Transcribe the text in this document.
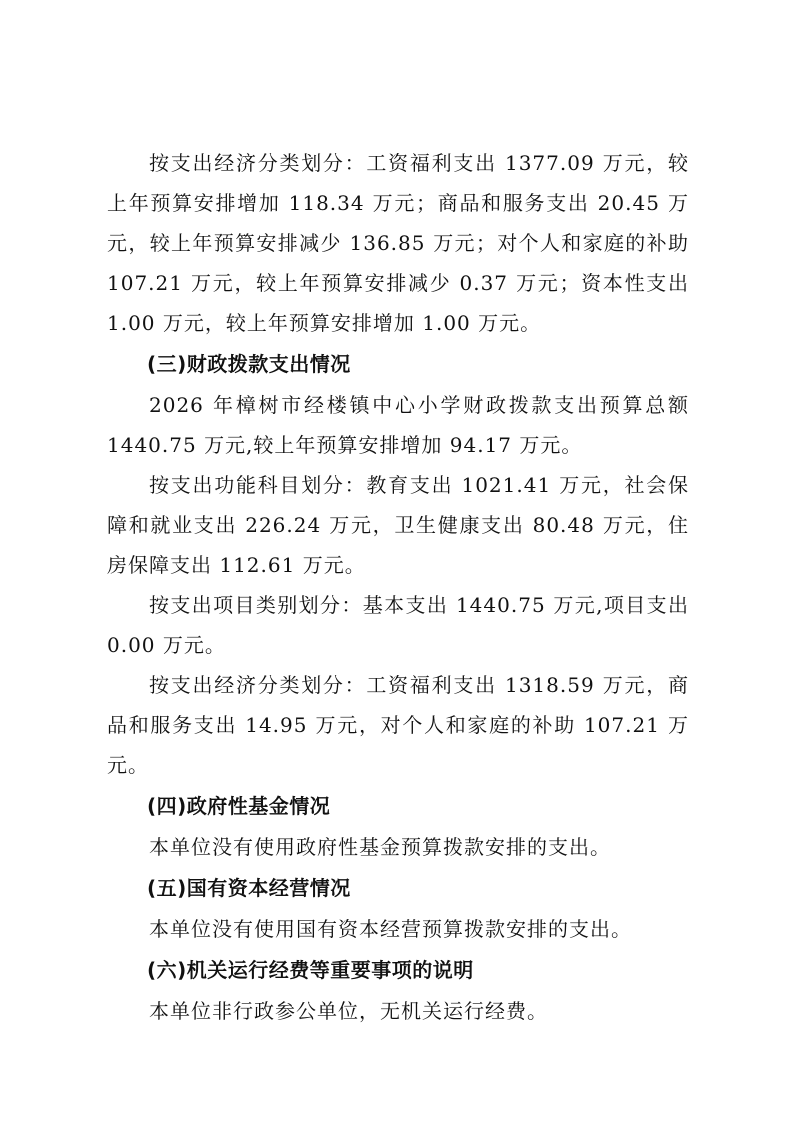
按支出经济分类划分：工资福利支出 1377.09 万元，较上年预算安排增加 118.34 万元；商品和服务支出 20.45 万元，较上年预算安排减少 136.85 万元；对个人和家庭的补助 107.21 万元，较上年预算安排减少 0.37 万元；资本性支出 1.00 万元，较上年预算安排增加 1.00 万元。

(三)财政拨款支出情况

2026 年樟树市经楼镇中心小学财政拨款支出预算总额 1440.75 万元,较上年预算安排增加 94.17 万元。

按支出功能科目划分：教育支出 1021.41 万元，社会保障和就业支出 226.24 万元，卫生健康支出 80.48 万元，住房保障支出 112.61 万元。

按支出项目类别划分：基本支出 1440.75 万元,项目支出 0.00 万元。

按支出经济分类划分：工资福利支出 1318.59 万元，商品和服务支出 14.95 万元，对个人和家庭的补助 107.21 万元。

(四)政府性基金情况

本单位没有使用政府性基金预算拨款安排的支出。

(五)国有资本经营情况

本单位没有使用国有资本经营预算拨款安排的支出。

(六)机关运行经费等重要事项的说明

本单位非行政参公单位，无机关运行经费。
